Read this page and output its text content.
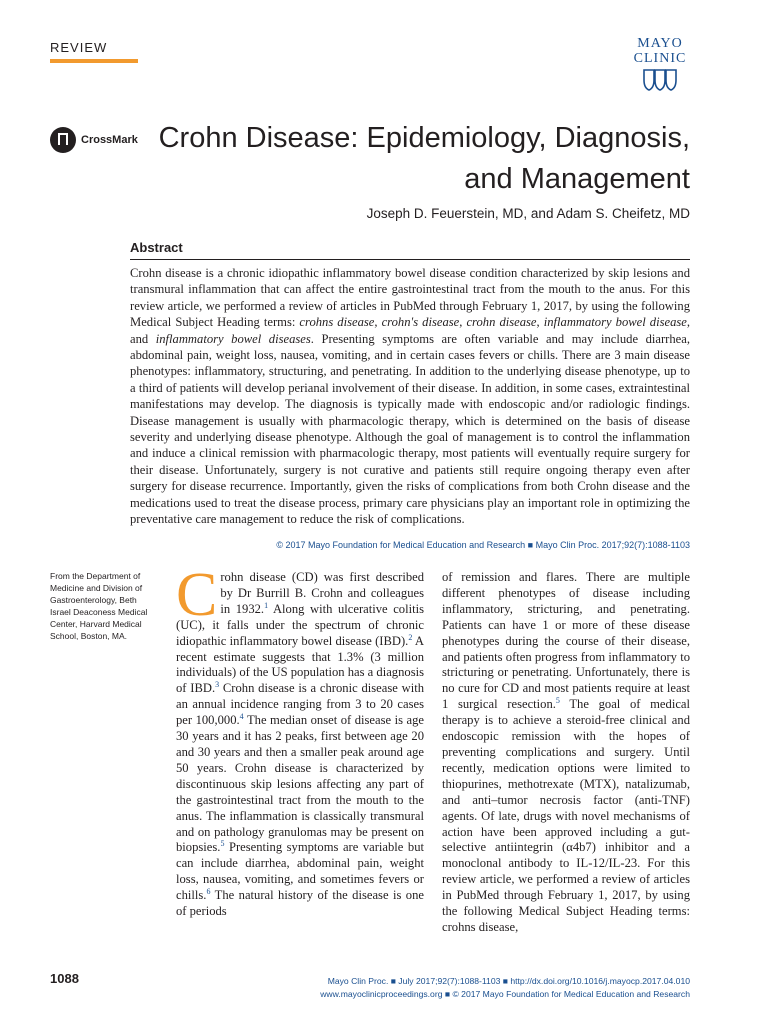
REVIEW	MAYO
CLINIC
CrossMark Crohn Disease: Epidemiology, Diagnosis, and Management
Joseph D. Feuerstein, MD, and Adam S. Cheifetz, MD
Abstract
Crohn disease is a chronic idiopathic inflammatory bowel disease condition characterized by skip lesions and transmural inflammation that can affect the entire gastrointestinal tract from the mouth to the anus. For this review article, we performed a review of articles in PubMed through February 1, 2017, by using the following Medical Subject Heading terms: crohns disease, crohn's disease, crohn disease, inflammatory bowel disease, and inflammatory bowel diseases. Presenting symptoms are often variable and may include diarrhea, abdominal pain, weight loss, nausea, vomiting, and in certain cases fevers or chills. There are 3 main disease phenotypes: inflammatory, structuring, and penetrating. In addition to the underlying disease phenotype, up to a third of patients will develop perianal involvement of their disease. In addition, in some cases, extraintestinal manifestations may develop. The diagnosis is typically made with endoscopic and/or radiologic findings. Disease management is usually with pharmacologic therapy, which is determined on the basis of disease severity and underlying disease phenotype. Although the goal of management is to control the inflammation and induce a clinical remission with pharmacologic therapy, most patients will eventually require surgery for their disease. Unfortunately, surgery is not curative and patients still require ongoing therapy even after surgery for disease recurrence. Importantly, given the risks of complications from both Crohn disease and the medications used to treat the disease process, primary care physicians play an important role in optimizing the preventative care management to reduce the risk of complications.
© 2017 Mayo Foundation for Medical Education and Research ■ Mayo Clin Proc. 2017;92(7):1088-1103
From the Department of Medicine and Division of Gastroenterology, Beth Israel Deaconess Medical Center, Harvard Medical School, Boston, MA.
Crohn disease (CD) was first described by Dr Burrill B. Crohn and colleagues in 1932.$^1$ Along with ulcerative colitis (UC), it falls under the spectrum of chronic idiopathic inflammatory bowel disease (IBD).$^2$ A recent estimate suggests that 1.3% (3 million individuals) of the US population has a diagnosis of IBD.$^3$ Crohn disease is a chronic disease with an annual incidence ranging from 3 to 20 cases per 100,000.$^4$ The median onset of disease is age 30 years and it has 2 peaks, first between age 20 and 30 years and then a smaller peak around age 50 years. Crohn disease is characterized by discontinuous skip lesions affecting any part of the gastrointestinal tract from the mouth to the anus. The inflammation is classically transmural and on pathology granulomas may be present on biopsies.$^5$ Presenting symptoms are variable but can include diarrhea, abdominal pain, weight loss, nausea, vomiting, and sometimes fevers or chills.$^6$ The natural history of the disease is one of periods
of remission and flares. There are multiple different phenotypes of disease including inflammatory, stricturing, and penetrating. Patients can have 1 or more of these disease phenotypes during the course of their disease, and patients often progress from inflammatory to stricturing or penetrating. Unfortunately, there is no cure for CD and most patients require at least 1 surgical resection.$^5$ The goal of medical therapy is to achieve a steroid-free clinical and endoscopic remission with the hopes of preventing complications and surgery. Until recently, medication options were limited to thiopurines, methotrexate (MTX), natalizumab, and anti–tumor necrosis factor (anti-TNF) agents. Of late, drugs with novel mechanisms of action have been approved including a gut-selective antiintegrin (α4b7) inhibitor and a monoclonal antibody to IL-12/IL-23. For this review article, we performed a review of articles in PubMed through February 1, 2017, by using the following Medical Subject Heading terms: crohns disease,
1088	Mayo Clin Proc. ■ July 2017;92(7):1088-1103 ■ http://dx.doi.org/10.1016/j.mayocp.2017.04.010
www.mayoclinicproceedings.org ■ © 2017 Mayo Foundation for Medical Education and Research
